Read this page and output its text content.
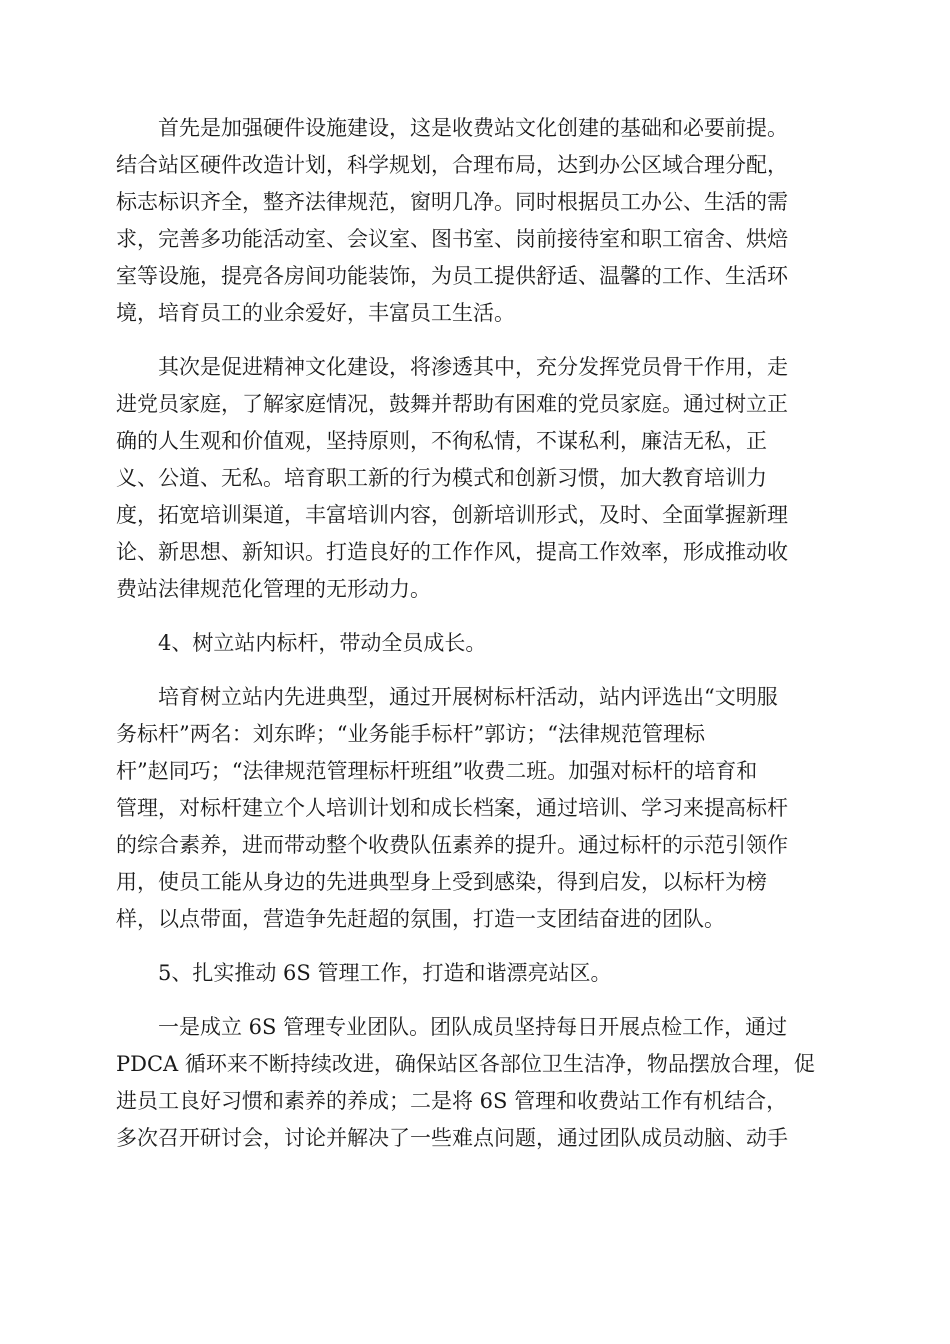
　　首先是加强硬件设施建设，这是收费站文化创建的基础和必要前提。
结合站区硬件改造计划，科学规划，合理布局，达到办公区域合理分配，
标志标识齐全，整齐法律规范，窗明几净。同时根据员工办公、生活的需
求，完善多功能活动室、会议室、图书室、岗前接待室和职工宿舍、烘焙
室等设施，提亮各房间功能装饰，为员工提供舒适、温馨的工作、生活环
境，培育员工的业余爱好，丰富员工生活。
　　其次是促进精神文化建设，将渗透其中，充分发挥党员骨干作用，走
进党员家庭，了解家庭情况，鼓舞并帮助有困难的党员家庭。通过树立正
确的人生观和价值观，坚持原则，不徇私情，不谋私利，廉洁无私，正
义、公道、无私。培育职工新的行为模式和创新习惯，加大教育培训力
度，拓宽培训渠道，丰富培训内容，创新培训形式，及时、全面掌握新理
论、新思想、新知识。打造良好的工作作风，提高工作效率，形成推动收
费站法律规范化管理的无形动力。
　　4、树立站内标杆，带动全员成长。
　　培育树立站内先进典型，通过开展树标杆活动，站内评选出“文明服
务标杆”两名：刘东晔；“业务能手标杆”郭访；“法律规范管理标
杆”赵同巧；“法律规范管理标杆班组”收费二班。加强对标杆的培育和
管理，对标杆建立个人培训计划和成长档案，通过培训、学习来提高标杆
的综合素养，进而带动整个收费队伍素养的提升。通过标杆的示范引领作
用，使员工能从身边的先进典型身上受到感染，得到启发，以标杆为榜
样，以点带面，营造争先赶超的氛围，打造一支团结奋进的团队。
　　5、扎实推动 6S 管理工作，打造和谐漂亮站区。
　　一是成立 6S 管理专业团队。团队成员坚持每日开展点检工作，通过
PDCA 循环来不断持续改进，确保站区各部位卫生洁净，物品摆放合理，促
进员工良好习惯和素养的养成；二是将 6S 管理和收费站工作有机结合，
多次召开研讨会，讨论并解决了一些难点问题，通过团队成员动脑、动手
